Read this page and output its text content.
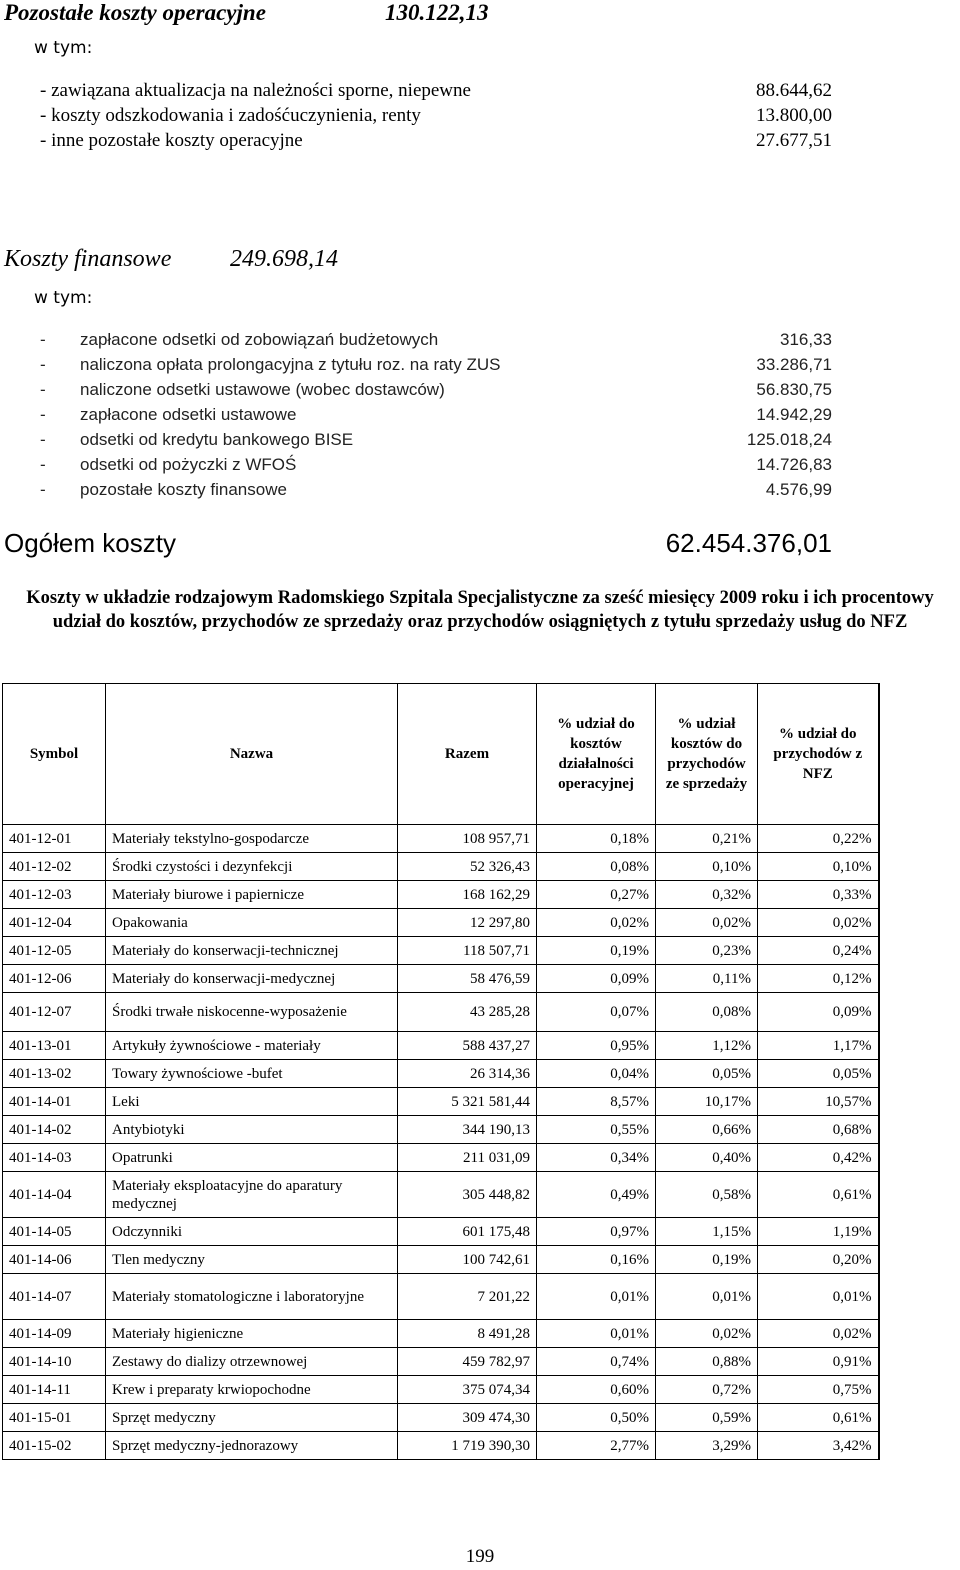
Pozostałe koszty operacyjne	130.122,13
w tym:
- zawiązana aktualizacja na należności sporne, niepewne	88.644,62
- koszty odszkodowania i zadośćuczynienia, renty	13.800,00
- inne pozostałe koszty operacyjne	27.677,51
Koszty finansowe 249.698,14
w tym:
- zapłacone odsetki od zobowiązań budżetowych	316,33
- naliczona opłata prolongacyjna z tytułu roz. na raty ZUS	33.286,71
- naliczone odsetki ustawowe (wobec dostawców)	56.830,75
- zapłacone odsetki ustawowe	14.942,29
- odsetki od kredytu bankowego BISE	125.018,24
- odsetki od pożyczki z WFOŚ	14.726,83
- pozostałe koszty finansowe	4.576,99
Ogółem koszty	62.454.376,01
Koszty w układzie rodzajowym Radomskiego Szpitala Specjalistyczne za sześć miesięcy 2009 roku i ich procentowy udział do kosztów, przychodów ze sprzedaży oraz przychodów osiągniętych z tytułu sprzedaży usług do NFZ
Symbol	Nazwa	Razem	% udział do kosztów działalności operacyjnej	% udział kosztów do przychodów ze sprzedaży	% udział do przychodów z NFZ
401-12-01	Materiały tekstylno-gospodarcze	108 957,71	0,18%	0,21%	0,22%
401-12-02	Środki czystości i dezynfekcji	52 326,43	0,08%	0,10%	0,10%
401-12-03	Materiały biurowe i papiernicze	168 162,29	0,27%	0,32%	0,33%
401-12-04	Opakowania	12 297,80	0,02%	0,02%	0,02%
401-12-05	Materiały do konserwacji-technicznej	118 507,71	0,19%	0,23%	0,24%
401-12-06	Materiały do konserwacji-medycznej	58 476,59	0,09%	0,11%	0,12%
401-12-07	Środki trwałe niskocenne-wyposażenie	43 285,28	0,07%	0,08%	0,09%
401-13-01	Artykuły żywnościowe - materiały	588 437,27	0,95%	1,12%	1,17%
401-13-02	Towary żywnościowe -bufet	26 314,36	0,04%	0,05%	0,05%
401-14-01	Leki	5 321 581,44	8,57%	10,17%	10,57%
401-14-02	Antybiotyki	344 190,13	0,55%	0,66%	0,68%
401-14-03	Opatrunki	211 031,09	0,34%	0,40%	0,42%
401-14-04	Materiały eksploatacyjne do aparatury medycznej	305 448,82	0,49%	0,58%	0,61%
401-14-05	Odczynniki	601 175,48	0,97%	1,15%	1,19%
401-14-06	Tlen medyczny	100 742,61	0,16%	0,19%	0,20%
401-14-07	Materiały stomatologiczne i laboratoryjne	7 201,22	0,01%	0,01%	0,01%
401-14-09	Materiały higieniczne	8 491,28	0,01%	0,02%	0,02%
401-14-10	Zestawy do dializy otrzewnowej	459 782,97	0,74%	0,88%	0,91%
401-14-11	Krew i preparaty krwiopochodne	375 074,34	0,60%	0,72%	0,75%
401-15-01	Sprzęt medyczny	309 474,30	0,50%	0,59%	0,61%
401-15-02	Sprzęt medyczny-jednorazowy	1 719 390,30	2,77%	3,29%	3,42%
199
